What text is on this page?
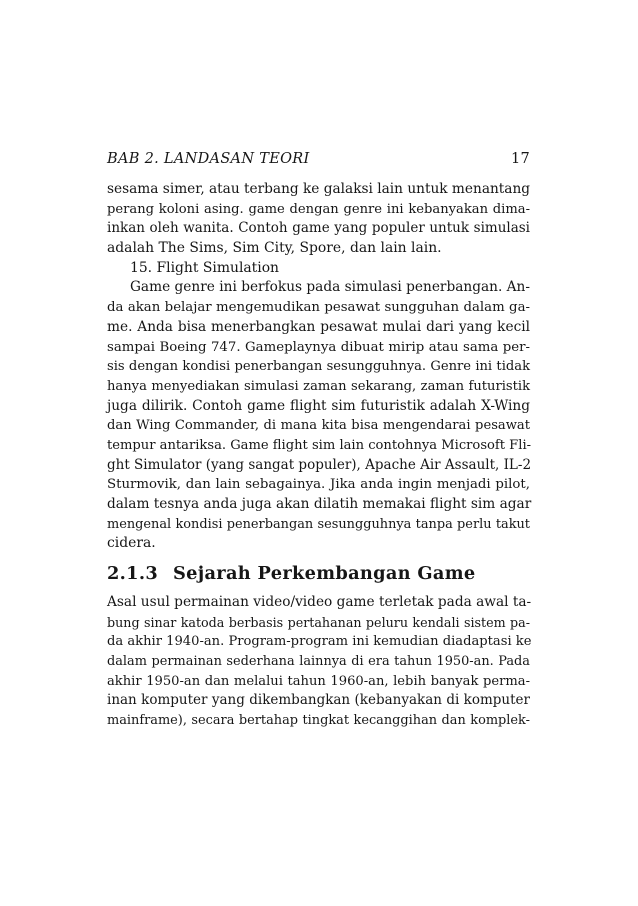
BAB 2. LANDASAN TEORI	17
sesama simer, atau terbang ke galaksi lain untuk menantang
perang koloni asing. game dengan genre ini kebanyakan dima-
inkan oleh wanita. Contoh game yang populer untuk simulasi
adalah The Sims, Sim City, Spore, dan lain lain.
15. Flight Simulation
Game genre ini berfokus pada simulasi penerbangan. An-
da akan belajar mengemudikan pesawat sungguhan dalam ga-
me. Anda bisa menerbangkan pesawat mulai dari yang kecil
sampai Boeing 747. Gameplaynya dibuat mirip atau sama per-
sis dengan kondisi penerbangan sesungguhnya. Genre ini tidak
hanya menyediakan simulasi zaman sekarang, zaman futuristik
juga dilirik. Contoh game flight sim futuristik adalah X-Wing
dan Wing Commander, di mana kita bisa mengendarai pesawat
tempur antariksa. Game flight sim lain contohnya Microsoft Fli-
ght Simulator (yang sangat populer), Apache Air Assault, IL-2
Sturmovik, dan lain sebagainya. Jika anda ingin menjadi pilot,
dalam tesnya anda juga akan dilatih memakai flight sim agar
mengenal kondisi penerbangan sesungguhnya tanpa perlu takut
cidera.
2.1.3 Sejarah Perkembangan Game
Asal usul permainan video/video game terletak pada awal ta-
bung sinar katoda berbasis pertahanan peluru kendali sistem pa-
da akhir 1940-an. Program-program ini kemudian diadaptasi ke
dalam permainan sederhana lainnya di era tahun 1950-an. Pada
akhir 1950-an dan melalui tahun 1960-an, lebih banyak perma-
inan komputer yang dikembangkan (kebanyakan di komputer
mainframe), secara bertahap tingkat kecanggihan dan komplek-
